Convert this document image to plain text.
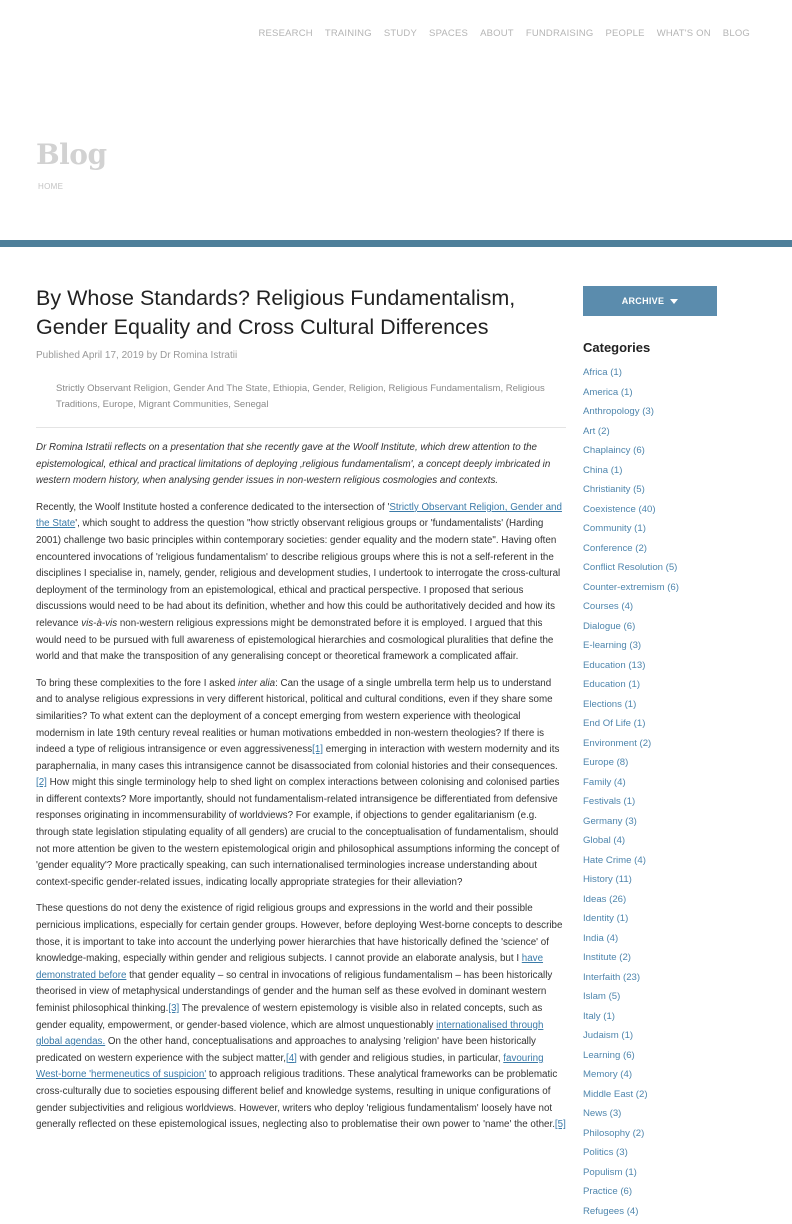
RESEARCH TRAINING STUDY SPACES ABOUT FUNDRAISING PEOPLE WHAT'S ON BLOG
Blog
HOME
By Whose Standards? Religious Fundamentalism, Gender Equality and Cross Cultural Differences
Published April 17, 2019 by Dr Romina Istratii
Strictly Observant Religion, Gender And The State, Ethiopia, Gender, Religion, Religious Fundamentalism, Religious Traditions, Europe, Migrant Communities, Senegal

Dr Romina Istratii reflects on a presentation that she recently gave at the Woolf Institute, which drew attention to the epistemological, ethical and practical limitations of deploying ‚religious fundamentalism', a concept deeply imbricated in western modern history, when analysing gender issues in non-western religious cosmologies and contexts.

Recently, the Woolf Institute hosted a conference dedicated to the intersection of 'Strictly Observant Religion, Gender and the State', which sought to address the question "how strictly observant religious groups or 'fundamentalists' (Harding 2001) challenge two basic principles within contemporary societies: gender equality and the modern state". Having often encountered invocations of 'religious fundamentalism' to describe religious groups where this is not a self-referent in the disciplines I specialise in, namely, gender, religious and development studies, I undertook to interrogate the cross-cultural deployment of the terminology from an epistemological, ethical and practical perspective. I proposed that serious discussions would need to be had about its definition, whether and how this could be authoritatively decided and how its relevance vis-à-vis non-western religious expressions might be demonstrated before it is employed. I argued that this would need to be pursued with full awareness of epistemological hierarchies and cosmological pluralities that define the world and that make the transposition of any generalising concept or theoretical framework a complicated affair.

To bring these complexities to the fore I asked inter alia: Can the usage of a single umbrella term help us to understand and to analyse religious expressions in very different historical, political and cultural conditions, even if they share some similarities? To what extent can the deployment of a concept emerging from western experience with theological modernism in late 19th century reveal realities or human motivations embedded in non-western theologies? If there is indeed a type of religious intransigence or even aggressiveness[1] emerging in interaction with western modernity and its paraphernalia, in many cases this intransigence cannot be disassociated from colonial histories and their consequences.[2] How might this single terminology help to shed light on complex interactions between colonising and colonised parties in different contexts? More importantly, should not fundamentalism-related intransigence be differentiated from defensive responses originating in incommensurability of worldviews? For example, if objections to gender egalitarianism (e.g. through state legislation stipulating equality of all genders) are crucial to the conceptualisation of fundamentalism, should not more attention be given to the western epistemological origin and philosophical assumptions informing the concept of 'gender equality'? More practically speaking, can such internationalised terminologies increase understanding about context-specific gender-related issues, indicating locally appropriate strategies for their alleviation?

These questions do not deny the existence of rigid religious groups and expressions in the world and their possible pernicious implications, especially for certain gender groups. However, before deploying West-borne concepts to describe those, it is important to take into account the underlying power hierarchies that have historically defined the 'science' of knowledge-making, especially within gender and religious subjects. I cannot provide an elaborate analysis, but I have demonstrated before that gender equality – so central in invocations of religious fundamentalism – has been historically theorised in view of metaphysical understandings of gender and the human self as these evolved in dominant western feminist philosophical thinking.[3] The prevalence of western epistemology is visible also in related concepts, such as gender equality, empowerment, or gender-based violence, which are almost unquestionably internationalised through global agendas. On the other hand, conceptualisations and approaches to analysing 'religion' have been historically predicated on western experience with the subject matter,[4] with gender and religious studies, in particular, favouring West-borne 'hermeneutics of suspicion' to approach religious traditions. These analytical frameworks can be problematic cross-culturally due to societies espousing different belief and knowledge systems, resulting in unique configurations of gender subjectivities and religious worldviews. However, writers who deploy 'religious fundamentalism' loosely have not generally reflected on these epistemological issues, neglecting also to problematise their own power to 'name' the other.[5]

ARCHIVE
Categories
Africa (1)
America (1)
Anthropology (3)
Art (2)
Chaplaincy (6)
China (1)
Christianity (5)
Coexistence (40)
Community (1)
Conference (2)
Conflict Resolution (5)
Counter-extremism (6)
Courses (4)
Dialogue (6)
E-learning (3)
Education (13)
Education (1)
Elections (1)
End Of Life (1)
Environment (2)
Europe (8)
Family (4)
Festivals (1)
Germany (3)
Global (4)
Hate Crime (4)
History (11)
Ideas (26)
Identity (1)
India (4)
Institute (2)
Interfaith (23)
Islam (5)
Italy (1)
Judaism (1)
Learning (6)
Memory (4)
Middle East (2)
News (3)
Philosophy (2)
Politics (3)
Populism (1)
Practice (6)
Refugees (4)
